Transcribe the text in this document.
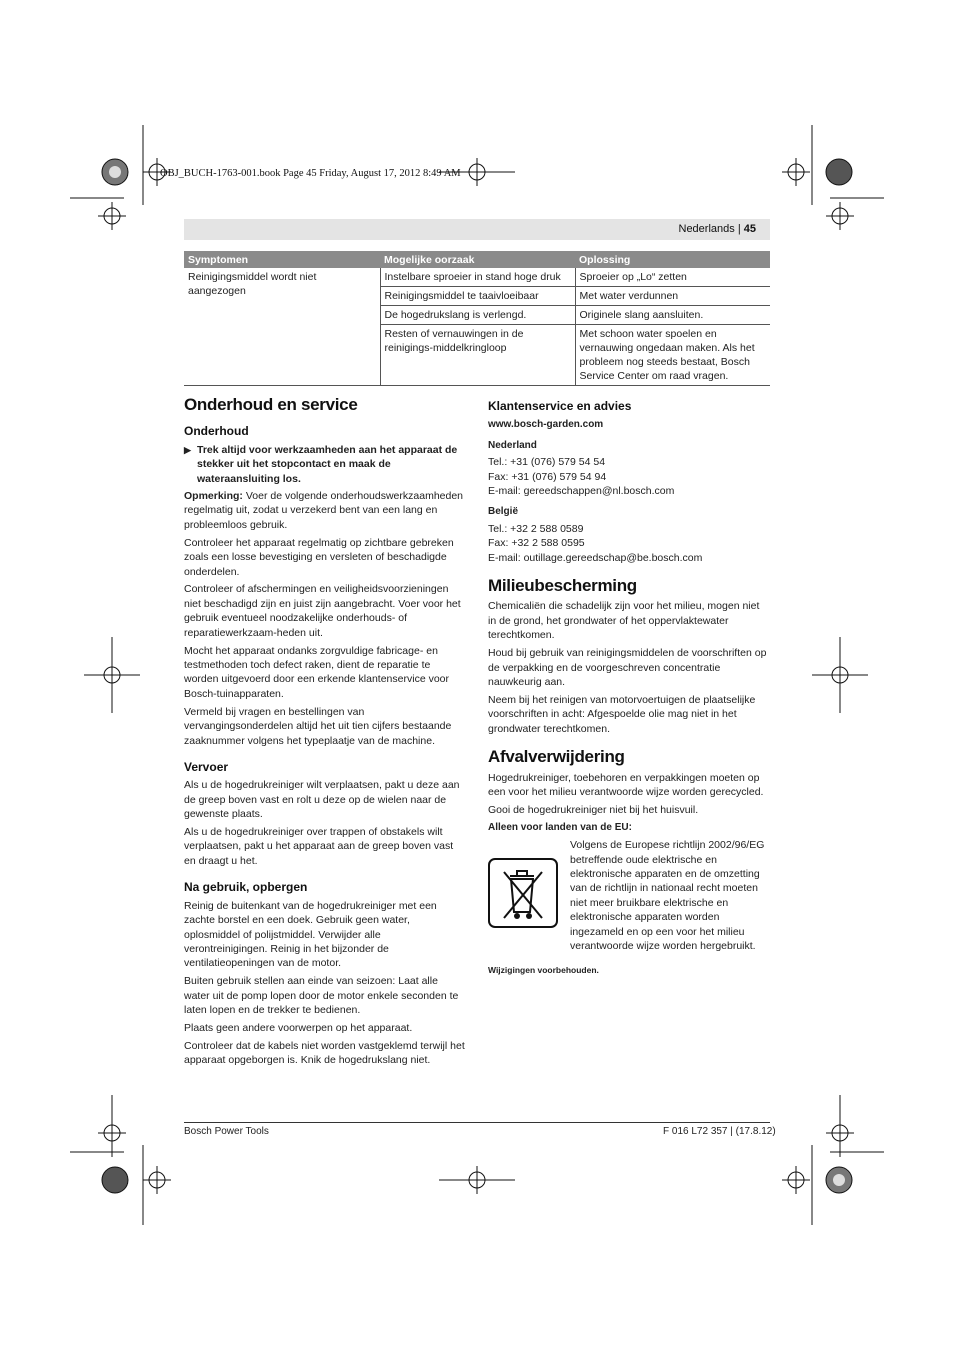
OBJ_BUCH-1763-001.book Page 45 Friday, August 17, 2012 8:49 AM
Nederlands | 45
Symptomen	Mogelijke oorzaak	Oplossing
Reinigingsmiddel wordt niet aangezogen	Instelbare sproeier in stand hoge druk	Sproeier op „Lo“ zetten
	Reinigingsmiddel te taaivloeibaar	Met water verdunnen
	De hogedrukslang is verlengd.	Originele slang aansluiten.
	Resten of vernauwingen in de reinigings-middelkringloop	Met schoon water spoelen en vernauwing ongedaan maken. Als het probleem nog steeds bestaat, Bosch Service Center om raad vragen.
Onderhoud en service
Onderhoud
▶ Trek altijd voor werkzaamheden aan het apparaat de stekker uit het stopcontact en maak de wateraansluiting los.

Opmerking: Voer de volgende onderhoudswerkzaamheden regelmatig uit, zodat u verzekerd bent van een lang en probleemloos gebruik.

Controleer het apparaat regelmatig op zichtbare gebreken zoals een losse bevestiging en versleten of beschadigde onderdelen.

Controleer of afschermingen en veiligheidsvoorzieningen niet beschadigd zijn en juist zijn aangebracht. Voer voor het gebruik eventueel noodzakelijke onderhouds- of reparatiewerkzaam-heden uit.

Mocht het apparaat ondanks zorgvuldige fabricage- en testmethoden toch defect raken, dient de reparatie te worden uitgevoerd door een erkende klantenservice voor Bosch-tuinapparaten.

Vermeld bij vragen en bestellingen van vervangingsonderdelen altijd het uit tien cijfers bestaande zaaknummer volgens het typeplaatje van de machine.

Vervoer

Als u de hogedrukreiniger wilt verplaatsen, pakt u deze aan de greep boven vast en rolt u deze op de wielen naar de gewenste plaats.

Als u de hogedrukreiniger over trappen of obstakels wilt verplaatsen, pakt u het apparaat aan de greep boven vast en draagt u het.

Na gebruik, opbergen

Reinig de buitenkant van de hogedrukreiniger met een zachte borstel en een doek. Gebruik geen water, oplosmiddel of polijstmiddel. Verwijder alle verontreinigingen. Reinig in het bijzonder de ventilatieopeningen van de motor.

Buiten gebruik stellen aan einde van seizoen: Laat alle water uit de pomp lopen door de motor enkele seconden te laten lopen en de trekker te bedienen.

Plaats geen andere voorwerpen op het apparaat.

Controleer dat de kabels niet worden vastgeklemd terwijl het apparaat opgeborgen is. Knik de hogedrukslang niet.

Klantenservice en advies
www.bosch-garden.com
Nederland
Tel.: +31 (076) 579 54 54
Fax: +31 (076) 579 54 94
E-mail: gereedschappen@nl.bosch.com
België
Tel.: +32 2 588 0589
Fax: +32 2 588 0595
E-mail: outillage.gereedschap@be.bosch.com
Milieubescherming

Chemicaliën die schadelijk zijn voor het milieu, mogen niet in de grond, het grondwater of het oppervlaktewater terechtkomen.

Houd bij gebruik van reinigingsmiddelen de voorschriften op de verpakking en de voorgeschreven concentratie nauwkeurig aan.

Neem bij het reinigen van motorvoertuigen de plaatselijke voorschriften in acht: Afgespoelde olie mag niet in het grondwater terechtkomen.

Afvalverwijdering

Hogedrukreiniger, toebehoren en verpakkingen moeten op een voor het milieu verantwoorde wijze worden gerecycled.

Gooi de hogedrukreiniger niet bij het huisvuil.

Alleen voor landen van de EU:
Volgens de Europese richtlijn 2002/96/EG betreffende oude elektrische en elektronische apparaten en de omzetting van de richtlijn in nationaal recht moeten niet meer bruikbare elektrische en elektronische apparaten worden ingezameld en op een voor het milieu verantwoorde wijze worden hergebruikt.
Wijzigingen voorbehouden.
Bosch Power Tools	F 016 L72 357 | (17.8.12)
